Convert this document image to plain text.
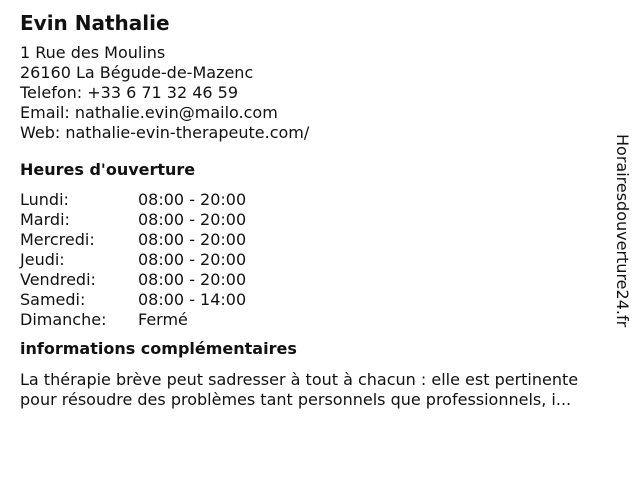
Evin Nathalie
1 Rue des Moulins
26160 La Bégude-de-Mazenc
Telefon: +33 6 71 32 46 59
Email: nathalie.evin@mailo.com
Web: nathalie-evin-therapeute.com/
Heures d'ouverture
Lundi:	08:00 - 20:00
Mardi:	08:00 - 20:00
Mercredi:	08:00 - 20:00
Jeudi:	08:00 - 20:00
Vendredi:	08:00 - 20:00
Samedi:	08:00 - 14:00
Dimanche:	Fermé
informations complémentaires
La thérapie brève peut sadresser à tout à chacun : elle est pertinente
pour résoudre des problèmes tant personnels que professionnels, i...
Horairesdouverture24.fr
